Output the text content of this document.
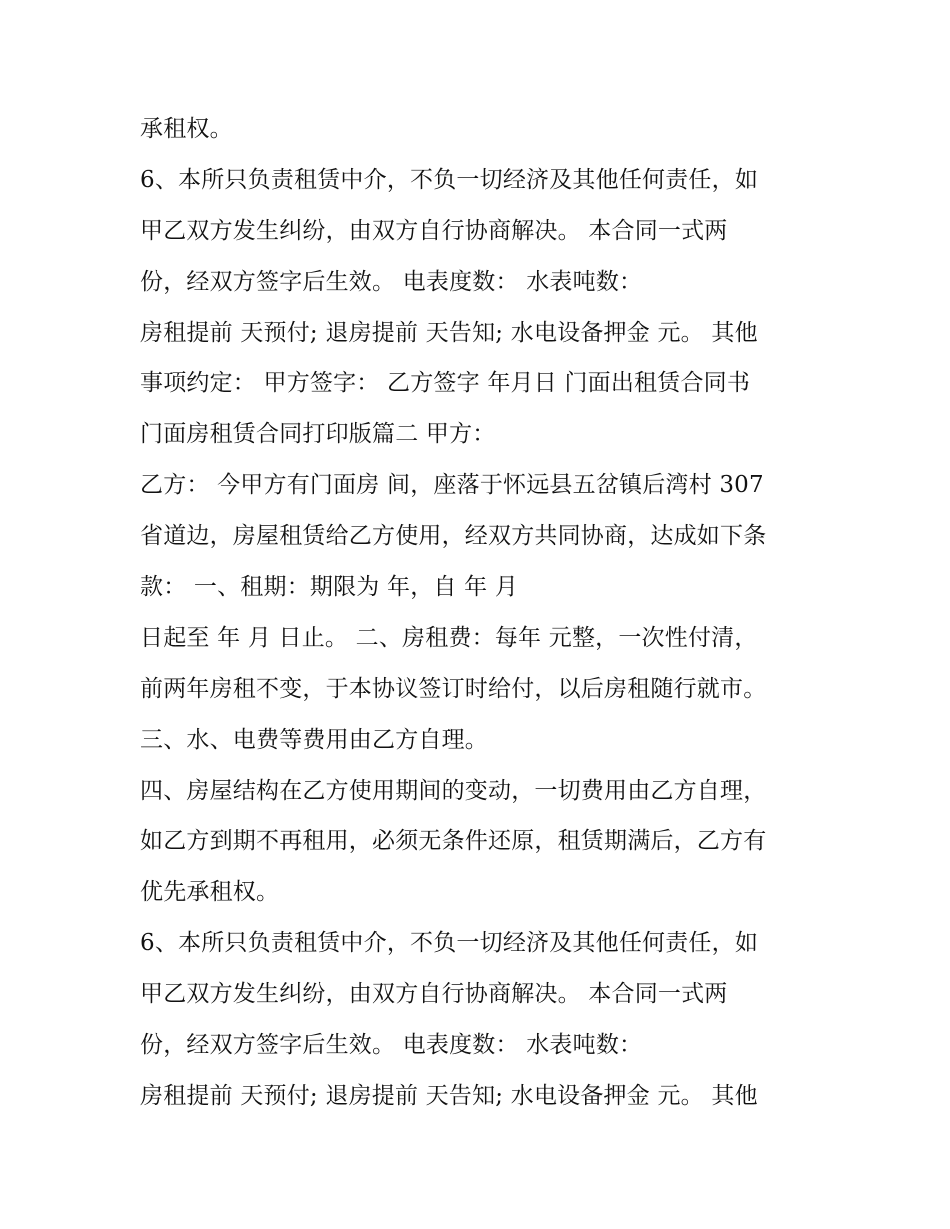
承租权。
6、本所只负责租赁中介，不负一切经济及其他任何责任，如
甲乙双方发生纠纷，由双方自行协商解决。 本合同一式两
份，经双方签字后生效。 电表度数： 水表吨数：
房租提前 天预付; 退房提前 天告知; 水电设备押金 元。 其他
事项约定： 甲方签字： 乙方签字 年月日 门面出租赁合同书
门面房租赁合同打印版篇二 甲方：
乙方： 今甲方有门面房 间，座落于怀远县五岔镇后湾村 307
省道边，房屋租赁给乙方使用，经双方共同协商，达成如下条
款： 一、租期：期限为 年，自 年 月
日起至 年 月 日止。 二、房租费：每年 元整，一次性付清，
前两年房租不变，于本协议签订时给付，以后房租随行就市。
三、水、电费等费用由乙方自理。
四、房屋结构在乙方使用期间的变动，一切费用由乙方自理，
如乙方到期不再租用，必须无条件还原，租赁期满后，乙方有
优先承租权。
6、本所只负责租赁中介，不负一切经济及其他任何责任，如
甲乙双方发生纠纷，由双方自行协商解决。 本合同一式两
份，经双方签字后生效。 电表度数： 水表吨数：
房租提前 天预付; 退房提前 天告知; 水电设备押金 元。 其他
